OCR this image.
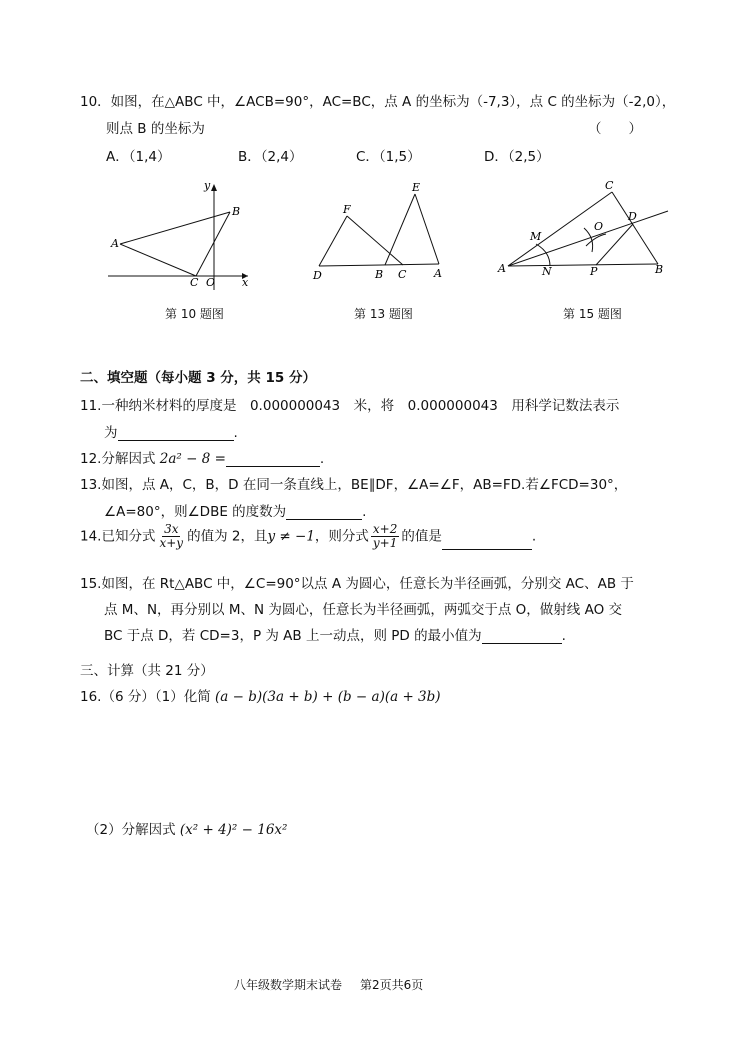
10．如图，在△ABC 中，∠ACB=90°，AC=BC，点 A 的坐标为（-7,3），点 C 的坐标为（-2,0），
则点 B 的坐标为	（　　）
A．（1,4）	B．（2,4）	C．（1,5）	D．（2,5）
y
x
A
B
C O
第 10 题图
F
E
D	B C	A
第 13 题图
C
M
O
D
A	N	P	B
第 15 题图
二、填空题（每小题 3 分，共 15 分）
11.一种纳米材料的厚度是　0.000000043　米，将　0.000000043　用科学记数法表示
为	.
12.分解因式 2a² − 8 =	.
13.如图，点 A，C，B，D 在同一条直线上，BE∥DF，∠A=∠F，AB=FD.若∠FCD=30°，
∠A=80°，则∠DBE 的度数为	.
14.已知分式 $\frac{3x}{x+y}$ 的值为 2，且y ≠ −1，则分式 $\frac{x+2}{y+1}$ 的值是	.
15.如图，在 Rt△ABC 中，∠C=90°以点 A 为圆心，任意长为半径画弧，分别交 AC、AB 于
点 M、N，再分别以 M、N 为圆心，任意长为半径画弧，两弧交于点 O，做射线 AO 交
BC 于点 D，若 CD=3，P 为 AB 上一动点，则 PD 的最小值为	.
三、计算（共 21 分）
16.（6 分）（1）化简 (a − b)(3a + b) + (b − a)(a + 3b)
（2）分解因式 (x² + 4)² − 16x²
八年级数学期末试卷 第2页共6页
